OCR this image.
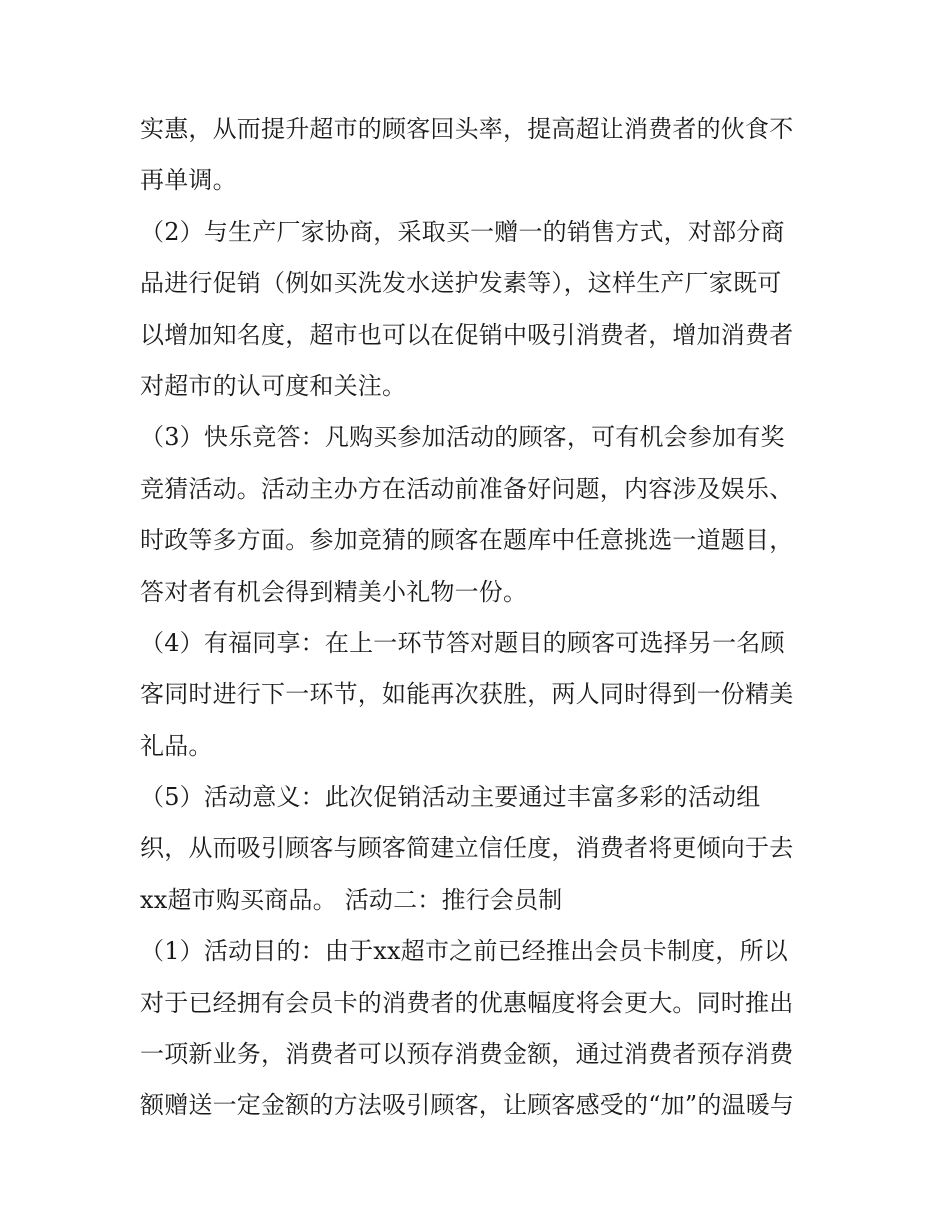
实惠，从而提升超市的顾客回头率，提高超让消费者的伙食不
再单调。
（2）与生产厂家协商，采取买一赠一的销售方式，对部分商
品进行促销（例如买洗发水送护发素等），这样生产厂家既可
以增加知名度，超市也可以在促销中吸引消费者，增加消费者
对超市的认可度和关注。
（3）快乐竞答：凡购买参加活动的顾客，可有机会参加有奖
竞猜活动。活动主办方在活动前准备好问题，内容涉及娱乐、
时政等多方面。参加竞猜的顾客在题库中任意挑选一道题目，
答对者有机会得到精美小礼物一份。
（4）有福同享：在上一环节答对题目的顾客可选择另一名顾
客同时进行下一环节，如能再次获胜，两人同时得到一份精美
礼品。
（5）活动意义：此次促销活动主要通过丰富多彩的活动组
织，从而吸引顾客与顾客简建立信任度，消费者将更倾向于去
xx超市购买商品。 活动二：推行会员制
（1）活动目的：由于xx超市之前已经推出会员卡制度，所以
对于已经拥有会员卡的消费者的优惠幅度将会更大。同时推出
一项新业务，消费者可以预存消费金额，通过消费者预存消费
额赠送一定金额的方法吸引顾客，让顾客感受的“加”的温暖与
